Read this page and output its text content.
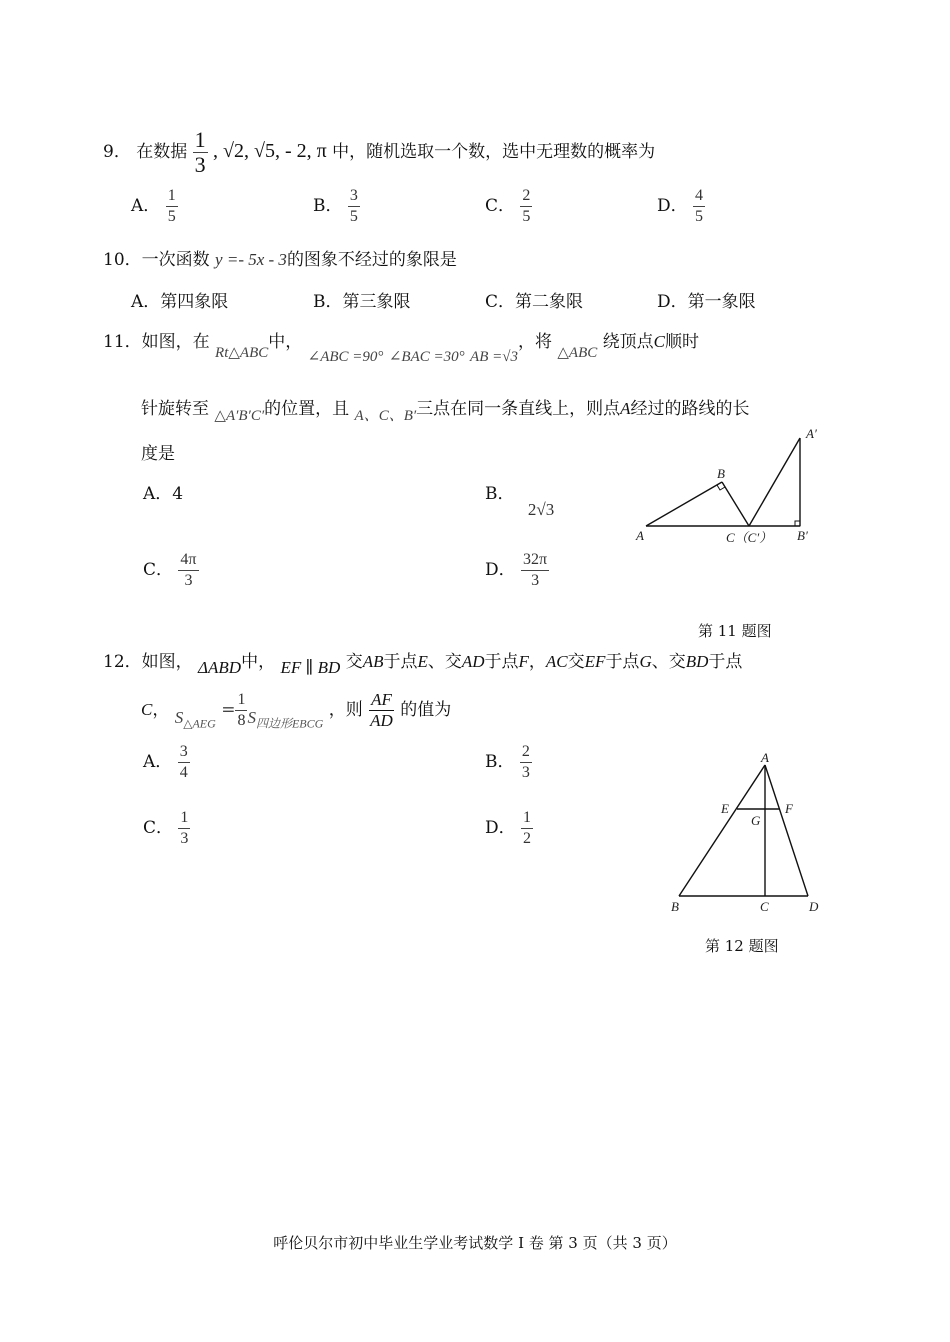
9． 在数据 $\frac{1}{3}$ , √2, √5, - 2, π 中，随机选取一个数，选中无理数的概率为
A． $\frac{1}{5}$	B． $\frac{3}{5}$	C． $\frac{2}{5}$	D． $\frac{4}{5}$
10．一次函数 y =- 5x - 3的图象不经过的象限是
A．第四象限	B．第三象限	C．第二象限	D．第一象限
11．如图，在 Rt△ABC中， ∠ABC =90° ∠BAC =30° AB =√3，将 △ABC 绕顶点C顺时
针旋转至 △A′B′C′的位置，且 A、C、B′三点在同一条直线上，则点A经过的路线的长
度是
A．4	B． 2√3
C． $\frac{4\pi}{3}$	D． $\frac{32\pi}{3}$
A
B
C（C′）
A′
B′
第 11 题图
12．如图， ΔABD中， EF ∥ BD 交AB于点E、交AD于点F，AC交EF于点G、交BD于点
C， $S_{\triangle AEG} = \frac{1}{8} S_{四边形EBCG}$ ，则 $\frac{AF}{AD}$ 的值为
A． $\frac{3}{4}$	B． $\frac{2}{3}$
C． $\frac{1}{3}$	D． $\frac{1}{2}$
A
E	F
G
B	C	D
第 12 题图
呼伦贝尔市初中毕业生学业考试数学 I 卷 第 3 页（共 3 页）
